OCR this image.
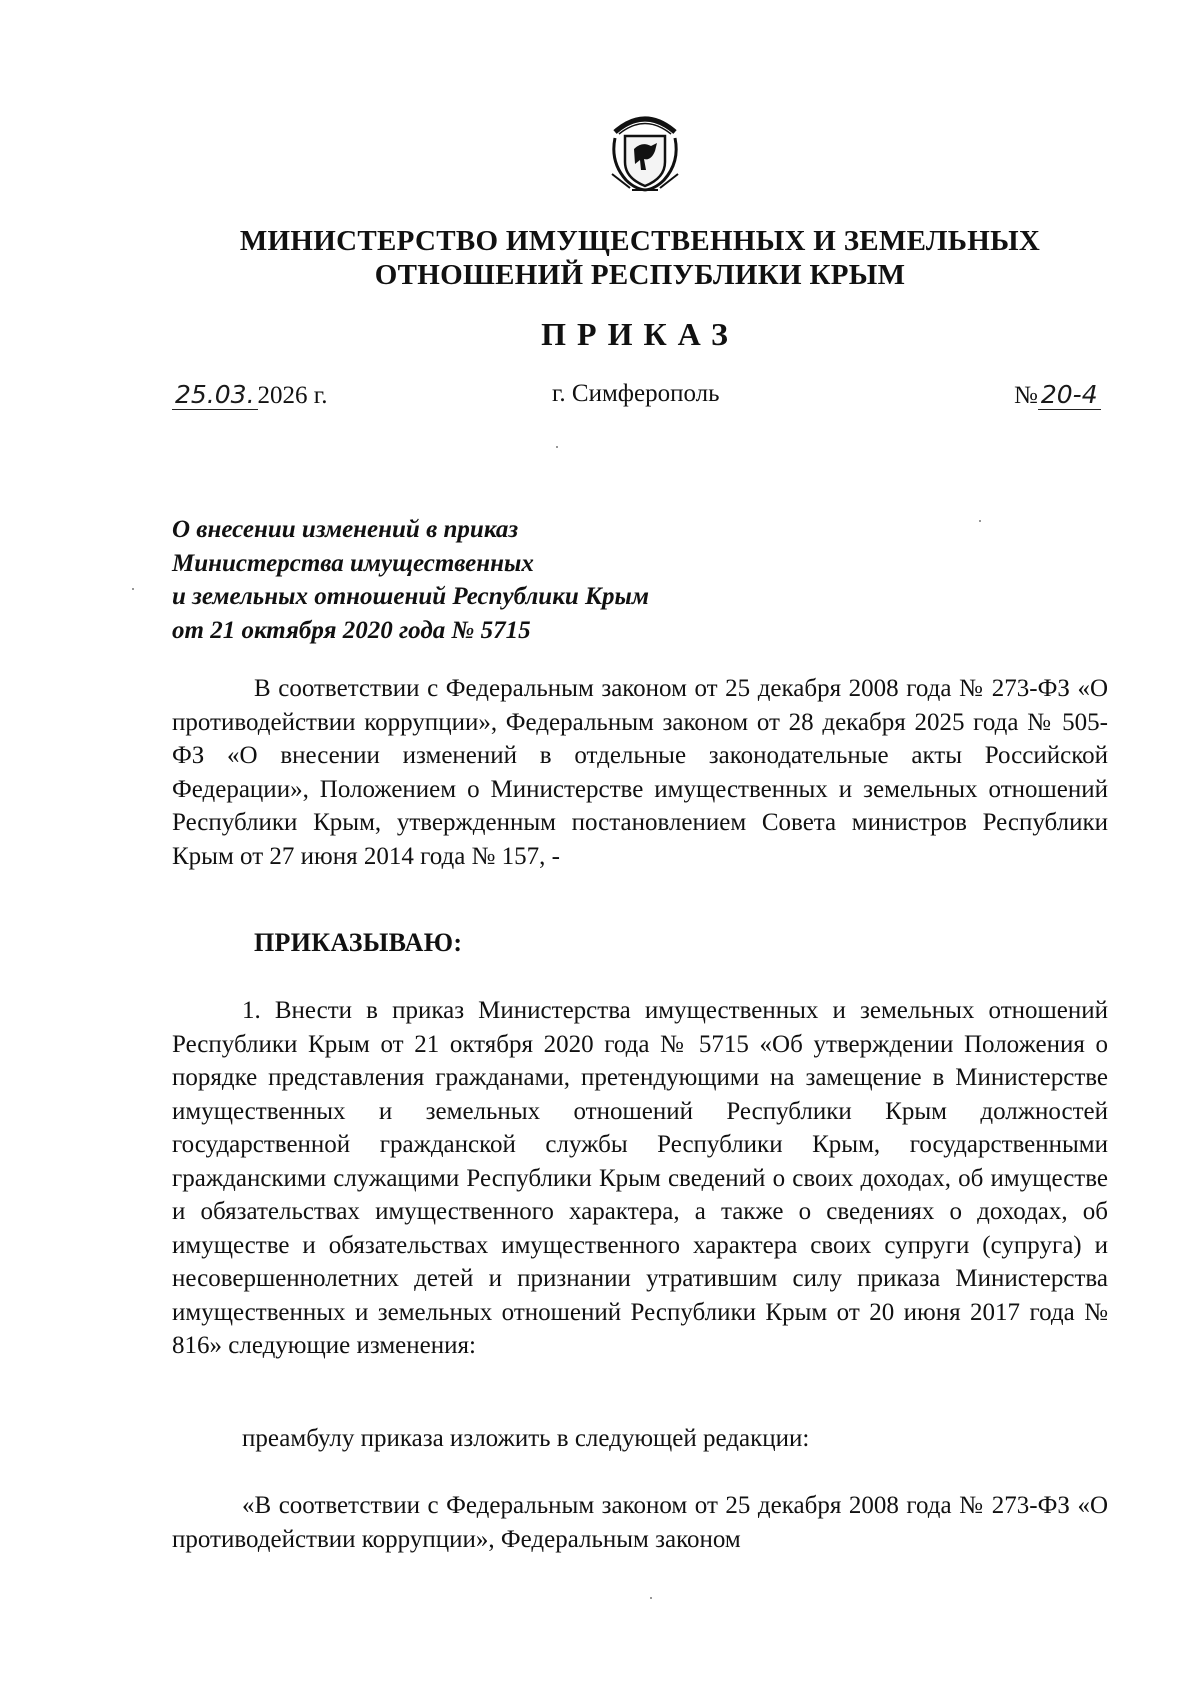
МИНИСТЕРСТВО ИМУЩЕСТВЕННЫХ И ЗЕМЕЛЬНЫХ
ОТНОШЕНИЙ РЕСПУБЛИКИ КРЫМ
ПРИКАЗ
25.03. 2026 г.	г. Симферополь	№ 20-4
О внесении изменений в приказ
Министерства имущественных
и земельных отношений Республики Крым
от 21 октября 2020 года № 5715
В соответствии с Федеральным законом от 25 декабря 2008 года № 273-ФЗ «О противодействии коррупции», Федеральным законом от 28 декабря 2025 года № 505-ФЗ «О внесении изменений в отдельные законодательные акты Российской Федерации», Положением о Министерстве имущественных и земельных отношений Республики Крым, утвержденным постановлением Совета министров Республики Крым от 27 июня 2014 года № 157, -
ПРИКАЗЫВАЮ:
1. Внести в приказ Министерства имущественных и земельных отношений Республики Крым от 21 октября 2020 года № 5715 «Об утверждении Положения о порядке представления гражданами, претендующими на замещение в Министерстве имущественных и земельных отношений Республики Крым должностей государственной гражданской службы Республики Крым, государственными гражданскими служащими Республики Крым сведений о своих доходах, об имуществе и обязательствах имущественного характера, а также о сведениях о доходах, об имуществе и обязательствах имущественного характера своих супруги (супруга) и несовершеннолетних детей и признании утратившим силу приказа Министерства имущественных и земельных отношений Республики Крым от 20 июня 2017 года № 816» следующие изменения:
преамбулу приказа изложить в следующей редакции:
«В соответствии с Федеральным законом от 25 декабря 2008 года № 273-ФЗ «О противодействии коррупции», Федеральным законом
